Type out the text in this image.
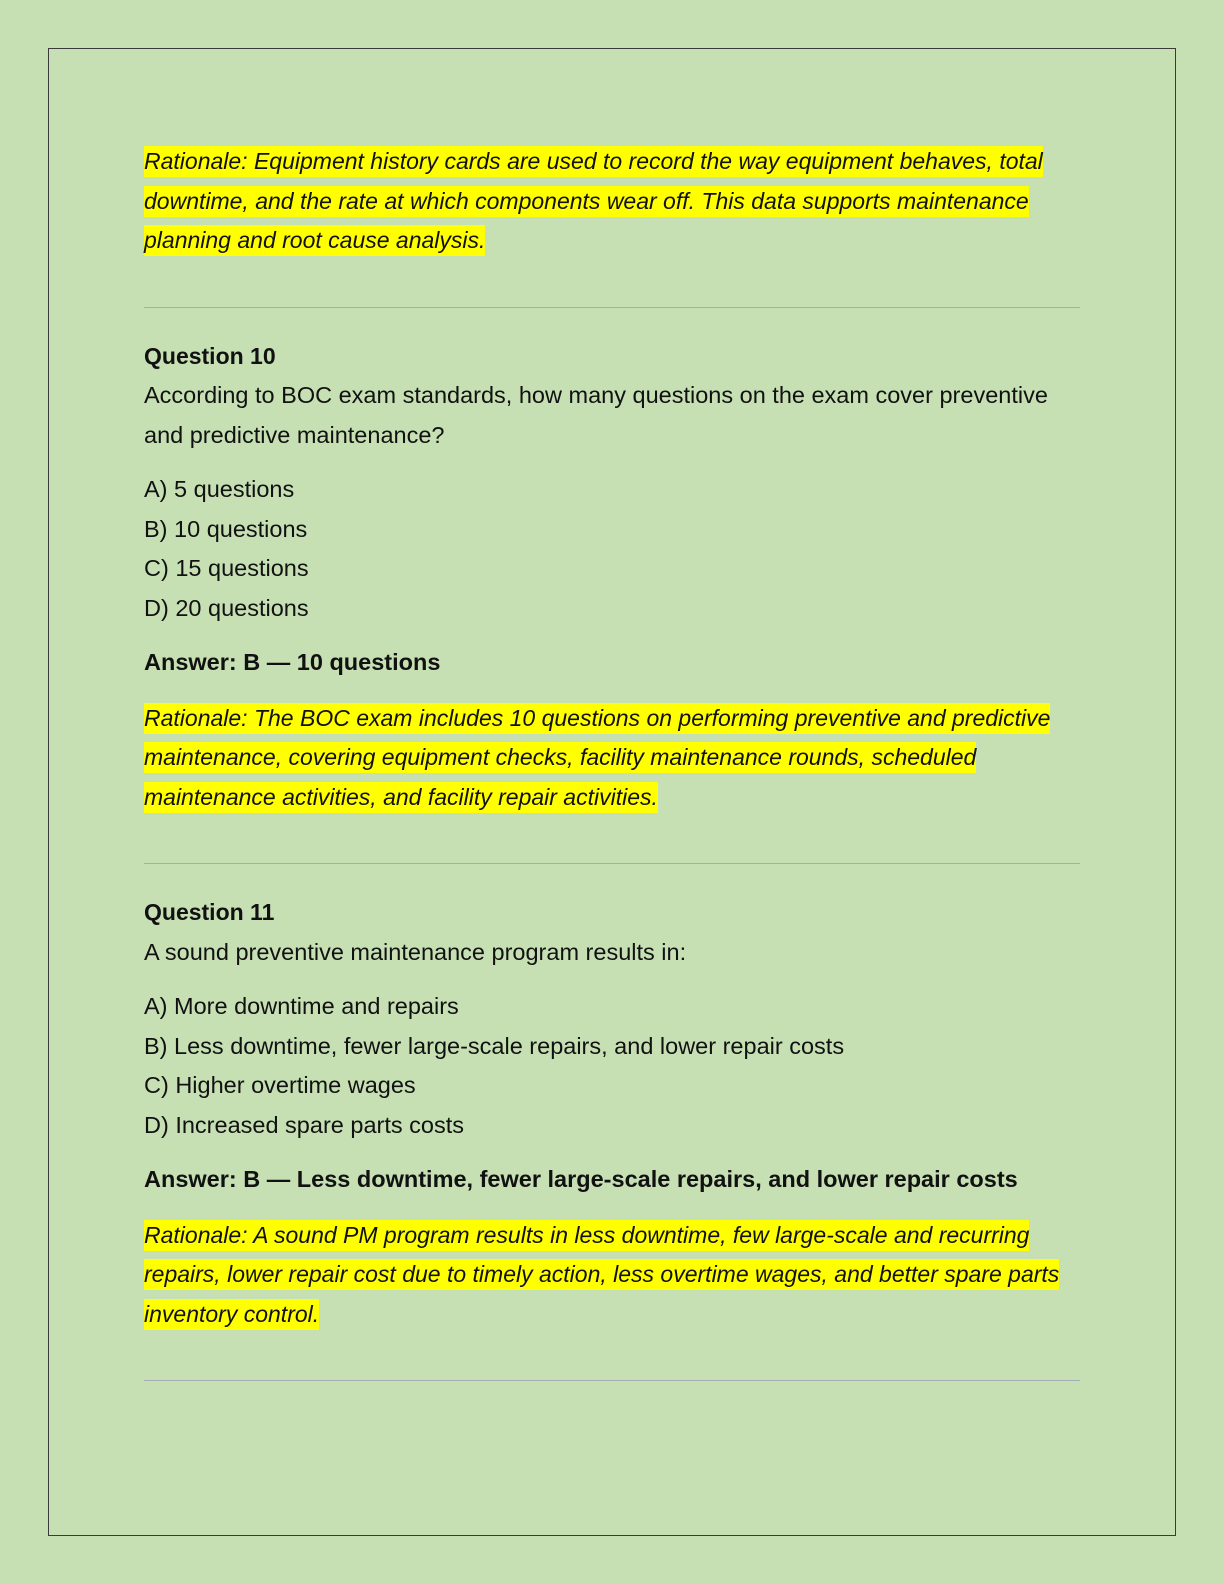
Rationale: Equipment history cards are used to record the way equipment behaves, total downtime, and the rate at which components wear off. This data supports maintenance planning and root cause analysis.

Question 10

According to BOC exam standards, how many questions on the exam cover preventive and predictive maintenance?

A) 5 questions
B) 10 questions
C) 15 questions
D) 20 questions

Answer: B — 10 questions

Rationale: The BOC exam includes 10 questions on performing preventive and predictive maintenance, covering equipment checks, facility maintenance rounds, scheduled maintenance activities, and facility repair activities.

Question 11

A sound preventive maintenance program results in:

A) More downtime and repairs
B) Less downtime, fewer large-scale repairs, and lower repair costs
C) Higher overtime wages
D) Increased spare parts costs

Answer: B — Less downtime, fewer large-scale repairs, and lower repair costs

Rationale: A sound PM program results in less downtime, few large-scale and recurring repairs, lower repair cost due to timely action, less overtime wages, and better spare parts inventory control.
